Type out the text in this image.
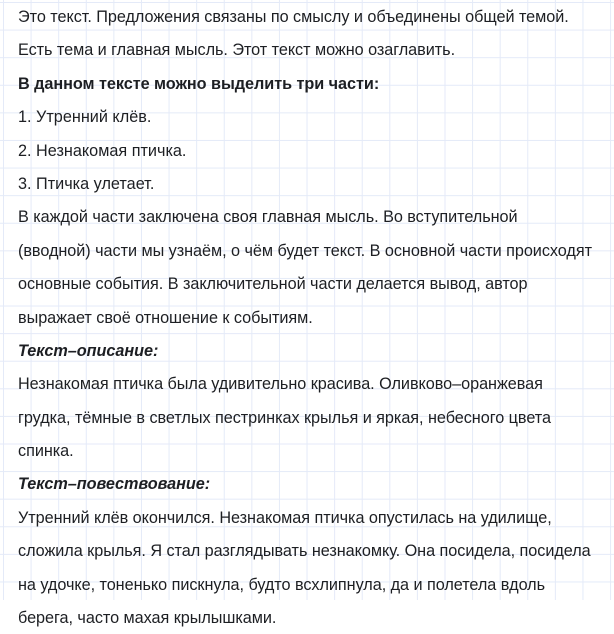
Это текст. Предложения связаны по смыслу и объединены общей темой.
Есть тема и главная мысль. Этот текст можно озаглавить.
В данном тексте можно выделить три части:
1. Утренний клёв.
2. Незнакомая птичка.
3. Птичка улетает.
В каждой части заключена своя главная мысль. Во вступительной
(вводной) части мы узнаём, о чём будет текст. В основной части происходят
основные события. В заключительной части делается вывод, автор
выражает своё отношение к событиям.
Текст–описание:
Незнакомая птичка была удивительно красива. Оливково–оранжевая
грудка, тёмные в светлых пестринках крылья и яркая, небесного цвета
спинка.
Текст–повествование:
Утренний клёв окончился. Незнакомая птичка опустилась на удилище,
сложила крылья. Я стал разглядывать незнакомку. Она посидела, посидела
на удочке, тоненько пискнула, будто всхлипнула, да и полетела вдоль
берега, часто махая крылышками.
